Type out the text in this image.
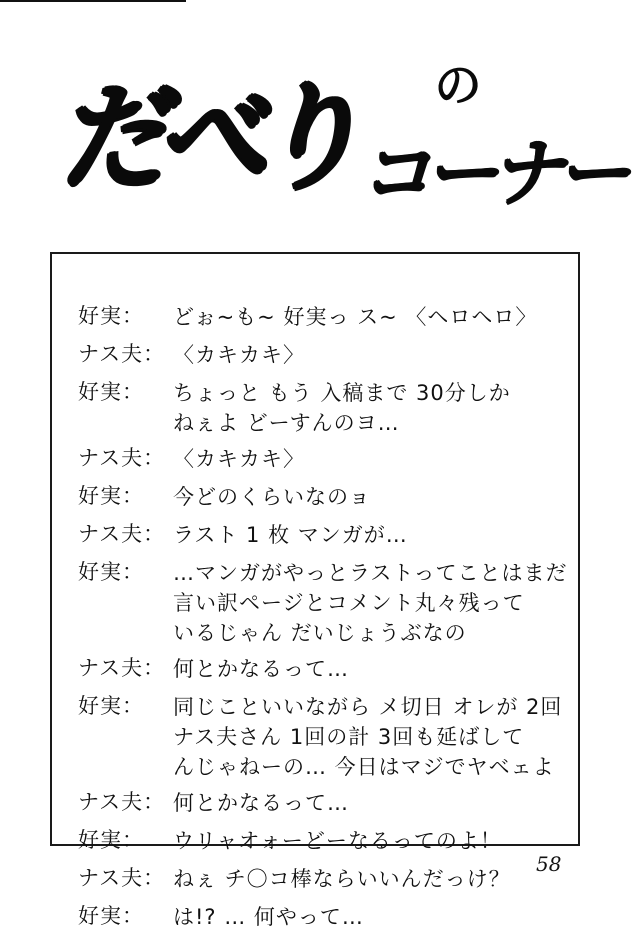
だべり の
コーナー
好実：	どぉ~も~ 好実っ ス~ 〈ヘロヘロ〉
ナス夫： 〈カキカキ〉
好実：	ちょっと もう 入稿まで 30分しか
ねぇよ どーすんのヨ…
ナス夫： 〈カキカキ〉
好実：	今どのくらいなのョ
ナス夫： ラスト 1 枚 マンガが…
好実：	…マンガがやっとラストってことはまだ
言い訳ページとコメント丸々残って
いるじゃん だいじょうぶなの
ナス夫： 何とかなるって…
好実：	同じこといいながら メ切日 オレが 2回
ナス夫さん 1回の計 3回も延ばして
んじゃねーの… 今日はマジでヤベェよ
ナス夫： 何とかなるって…
好実：	ウリャオォーどーなるってのよ！
ナス夫： ねぇ チ〇コ棒ならいいんだっけ？
好実：	は!? … 何やって…
58
